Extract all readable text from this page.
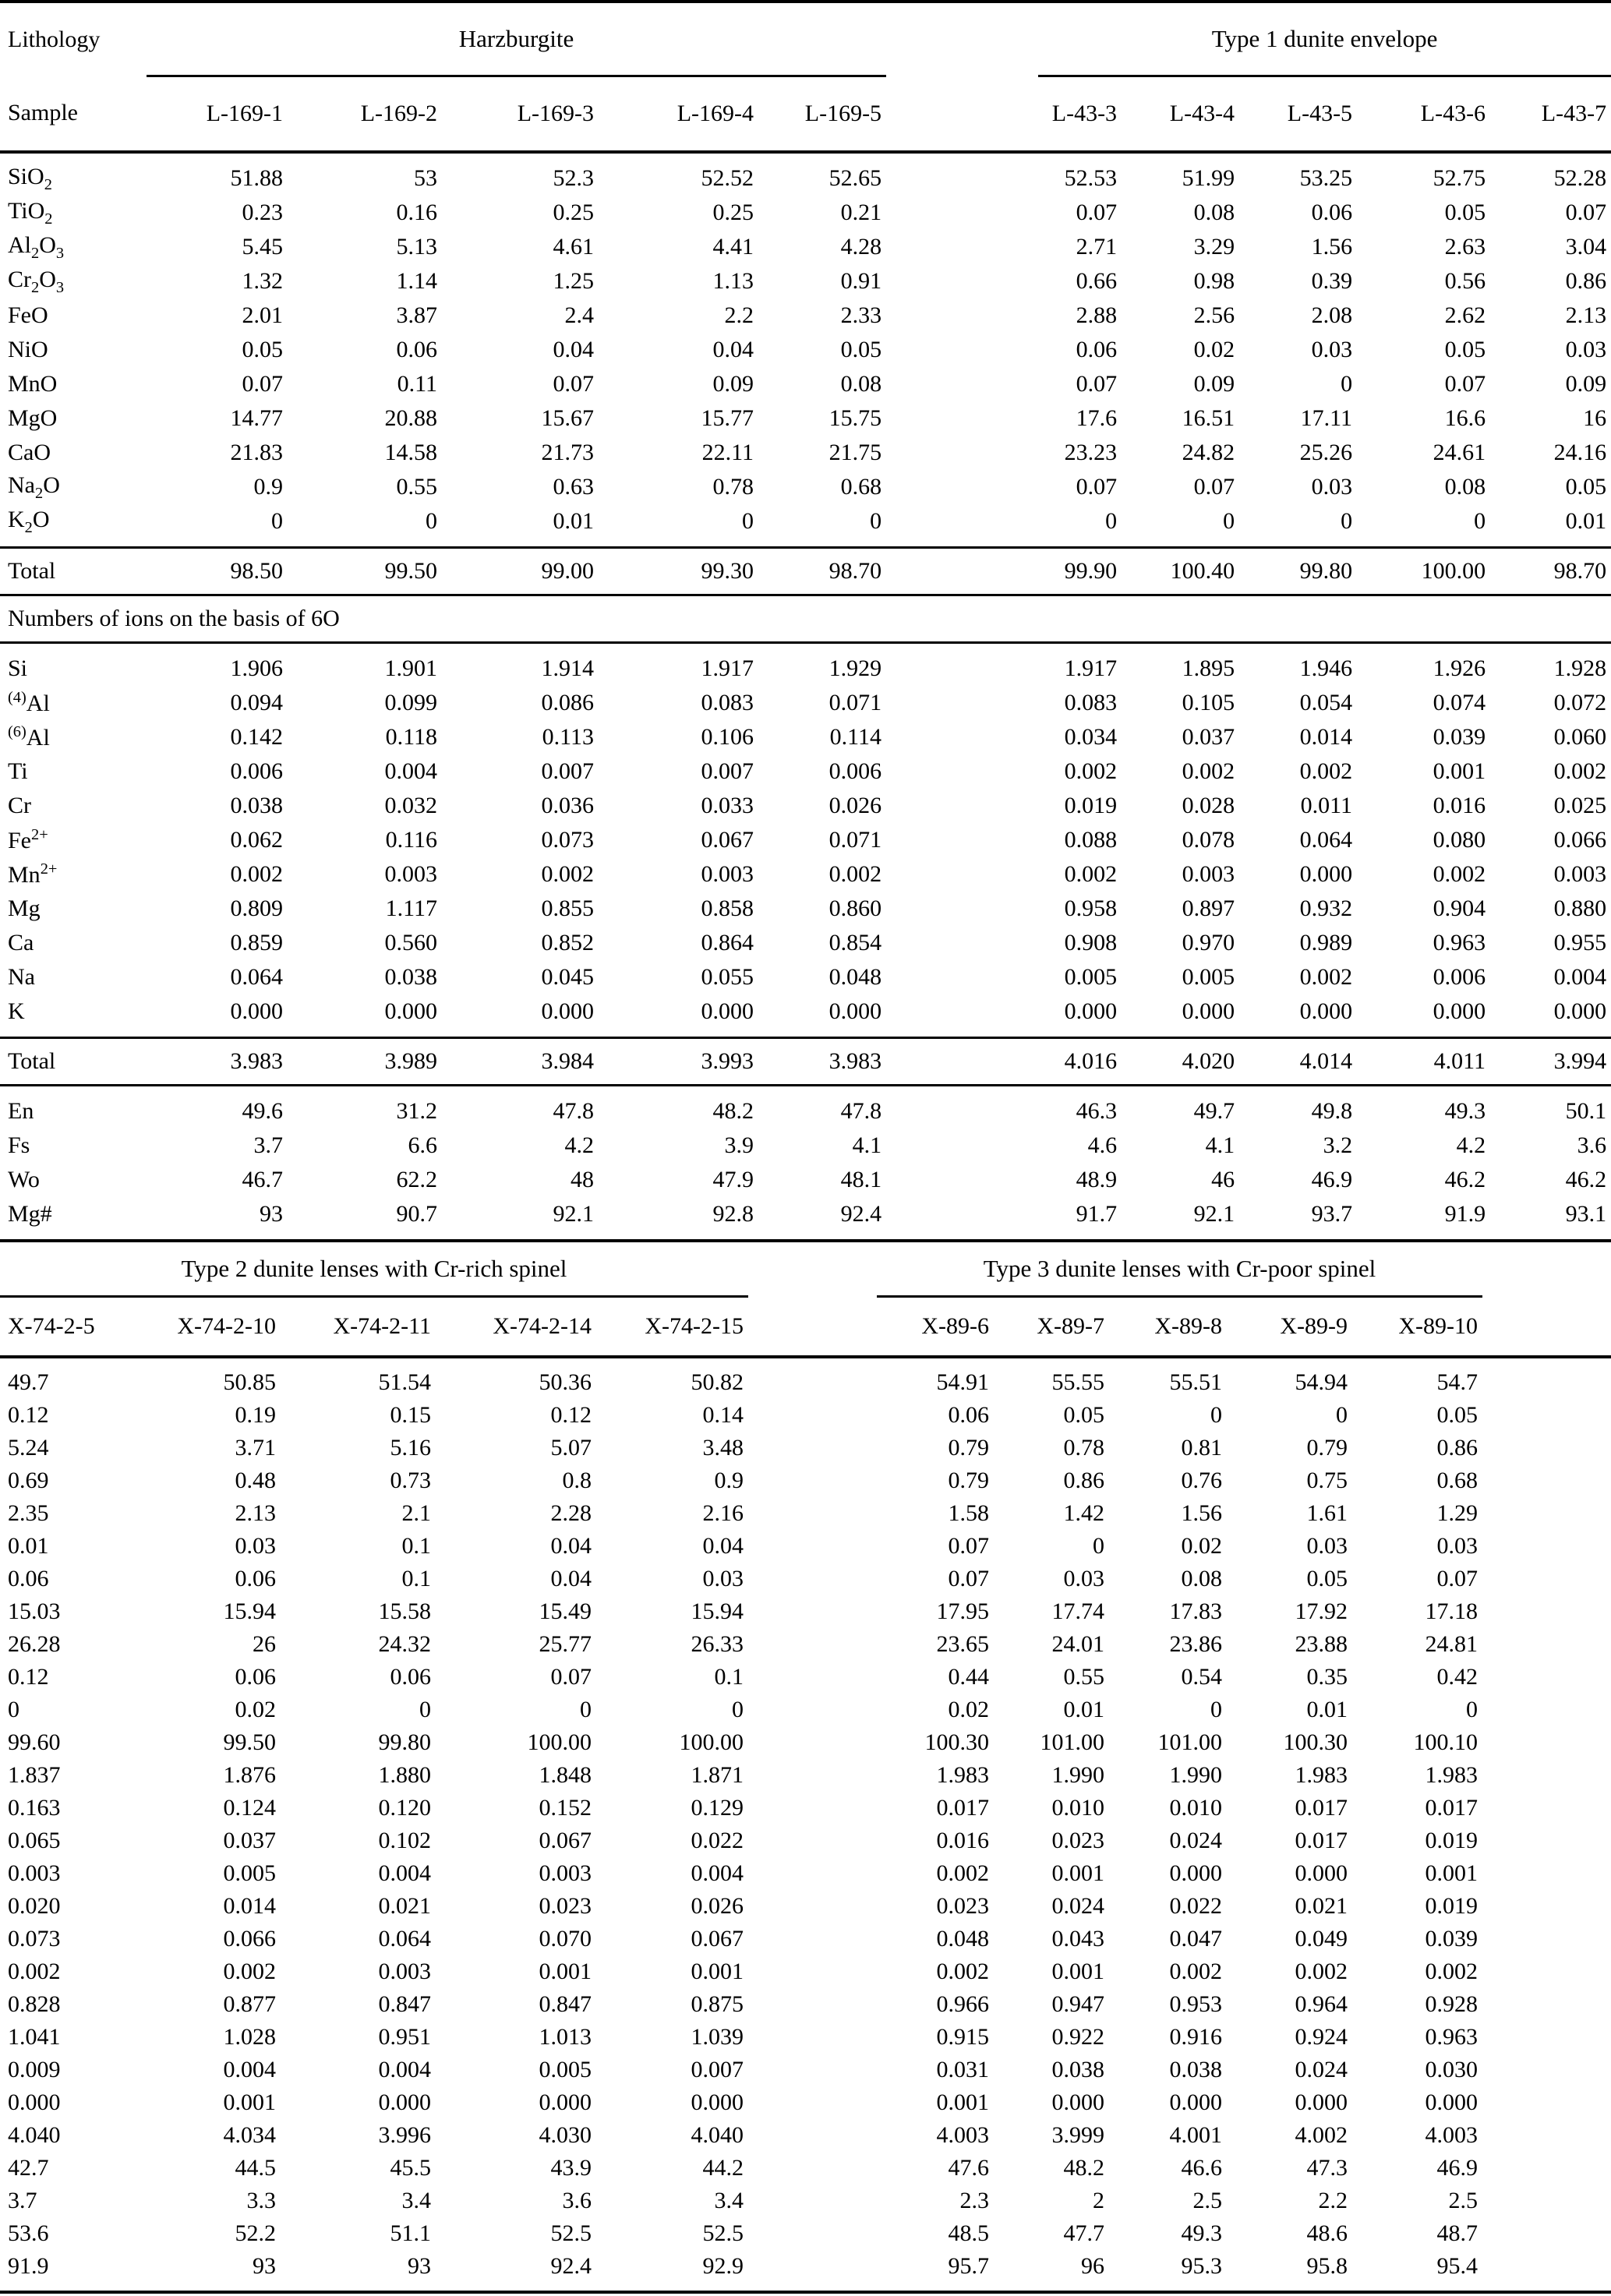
Lithology	Harzburgite						Type 1 dunite envelope				
Sample	L-169-1	L-169-2	L-169-3	L-169-4	L-169-5		L-43-3	L-43-4	L-43-5	L-43-6	L-43-7
SiO$_2$	51.88	53	52.3	52.52	52.65		52.53	51.99	53.25	52.75	52.28
TiO$_2$	0.23	0.16	0.25	0.25	0.21		0.07	0.08	0.06	0.05	0.07
$Al_2O_3$	5.45	5.13	4.61	4.41	4.28		2.71	3.29	1.56	2.63	3.04
$Cr_2O_3$	1.32	1.14	1.25	1.13	0.91		0.66	0.98	0.39	0.56	0.86
FeO	2.01	3.87	2.4	2.2	2.33		2.88	2.56	2.08	2.62	2.13
NiO	0.05	0.06	0.04	0.04	0.05		0.06	0.02	0.03	0.05	0.03
MnO	0.07	0.11	0.07	0.09	0.08		0.07	0.09	0	0.07	0.09
MgO	14.77	20.88	15.67	15.77	15.75		17.6	16.51	17.11	16.6	16
CaO	21.83	14.58	21.73	22.11	21.75		23.23	24.82	25.26	24.61	24.16
$Na_2O$	0.9	0.55	0.63	0.78	0.68		0.07	0.07	0.03	0.08	0.05
$K_2O$	0	0	0.01	0	0		0	0	0	0	0.01
Total	98.50	99.50	99.00	99.30	98.70		99.90	100.40	99.80	100.00	98.70
Numbers of ions on the basis of 6O											
Si	1.906	1.901	1.914	1.917	1.929		1.917	1.895	1.946	1.926	1.928
$^{(4)}$Al	0.094	0.099	0.086	0.083	0.071		0.083	0.105	0.054	0.074	0.072
$^{(6)}$Al	0.142	0.118	0.113	0.106	0.114		0.034	0.037	0.014	0.039	0.060
Ti	0.006	0.004	0.007	0.007	0.006		0.002	0.002	0.002	0.001	0.002
Cr	0.038	0.032	0.036	0.033	0.026		0.019	0.028	0.011	0.016	0.025
$Fe^{2+}$	0.062	0.116	0.073	0.067	0.071		0.088	0.078	0.064	0.080	0.066
$Mn^{2+}$	0.002	0.003	0.002	0.003	0.002		0.002	0.003	0.000	0.002	0.003
Mg	0.809	1.117	0.855	0.858	0.860		0.958	0.897	0.932	0.904	0.880
Ca	0.859	0.560	0.852	0.864	0.854		0.908	0.970	0.989	0.963	0.955
Na	0.064	0.038	0.045	0.055	0.048		0.005	0.005	0.002	0.006	0.004
K	0.000	0.000	0.000	0.000	0.000		0.000	0.000	0.000	0.000	0.000
Total	3.983	3.989	3.984	3.993	3.983		4.016	4.020	4.014	4.011	3.994
En	49.6	31.2	47.8	48.2	47.8		46.3	49.7	49.8	49.3	50.1
Fs	3.7	6.6	4.2	3.9	4.1		4.6	4.1	3.2	4.2	3.6
Wo	46.7	62.2	48	47.9	48.1		48.9	46	46.9	46.2	46.2
Mg#	93	90.7	92.1	92.8	92.4		91.7	92.1	93.7	91.9	93.1
Type 2 dunite lenses with Cr-rich spinel						Type 3 dunite lenses with Cr-poor spinel					
X-74-2-5	X-74-2-10	X-74-2-11	X-74-2-14	X-74-2-15		X-89-6	X-89-7	X-89-8	X-89-9	X-89-10	
49.7	50.85	51.54	50.36	50.82		54.91	55.55	55.51	54.94	54.7	
0.12	0.19	0.15	0.12	0.14		0.06	0.05	0	0	0.05	
5.24	3.71	5.16	5.07	3.48		0.79	0.78	0.81	0.79	0.86	
0.69	0.48	0.73	0.8	0.9		0.79	0.86	0.76	0.75	0.68	
2.35	2.13	2.1	2.28	2.16		1.58	1.42	1.56	1.61	1.29	
0.01	0.03	0.1	0.04	0.04		0.07	0	0.02	0.03	0.03	
0.06	0.06	0.1	0.04	0.03		0.07	0.03	0.08	0.05	0.07	
15.03	15.94	15.58	15.49	15.94		17.95	17.74	17.83	17.92	17.18	
26.28	26	24.32	25.77	26.33		23.65	24.01	23.86	23.88	24.81	
0.12	0.06	0.06	0.07	0.1		0.44	0.55	0.54	0.35	0.42	
0	0.02	0	0	0		0.02	0.01	0	0.01	0	
99.60	99.50	99.80	100.00	100.00		100.30	101.00	101.00	100.30	100.10	
1.837	1.876	1.880	1.848	1.871		1.983	1.990	1.990	1.983	1.983	
0.163	0.124	0.120	0.152	0.129		0.017	0.010	0.010	0.017	0.017	
0.065	0.037	0.102	0.067	0.022		0.016	0.023	0.024	0.017	0.019	
0.003	0.005	0.004	0.003	0.004		0.002	0.001	0.000	0.000	0.001	
0.020	0.014	0.021	0.023	0.026		0.023	0.024	0.022	0.021	0.019	
0.073	0.066	0.064	0.070	0.067		0.048	0.043	0.047	0.049	0.039	
0.002	0.002	0.003	0.001	0.001		0.002	0.001	0.002	0.002	0.002	
0.828	0.877	0.847	0.847	0.875		0.966	0.947	0.953	0.964	0.928	
1.041	1.028	0.951	1.013	1.039		0.915	0.922	0.916	0.924	0.963	
0.009	0.004	0.004	0.005	0.007		0.031	0.038	0.038	0.024	0.030	
0.000	0.001	0.000	0.000	0.000		0.001	0.000	0.000	0.000	0.000	
4.040	4.034	3.996	4.030	4.040		4.003	3.999	4.001	4.002	4.003	
42.7	44.5	45.5	43.9	44.2		47.6	48.2	46.6	47.3	46.9	
3.7	3.3	3.4	3.6	3.4		2.3	2	2.5	2.2	2.5	
53.6	52.2	51.1	52.5	52.5		48.5	47.7	49.3	48.6	48.7	
91.9	93	93	92.4	92.9		95.7	96	95.3	95.8	95.4	
